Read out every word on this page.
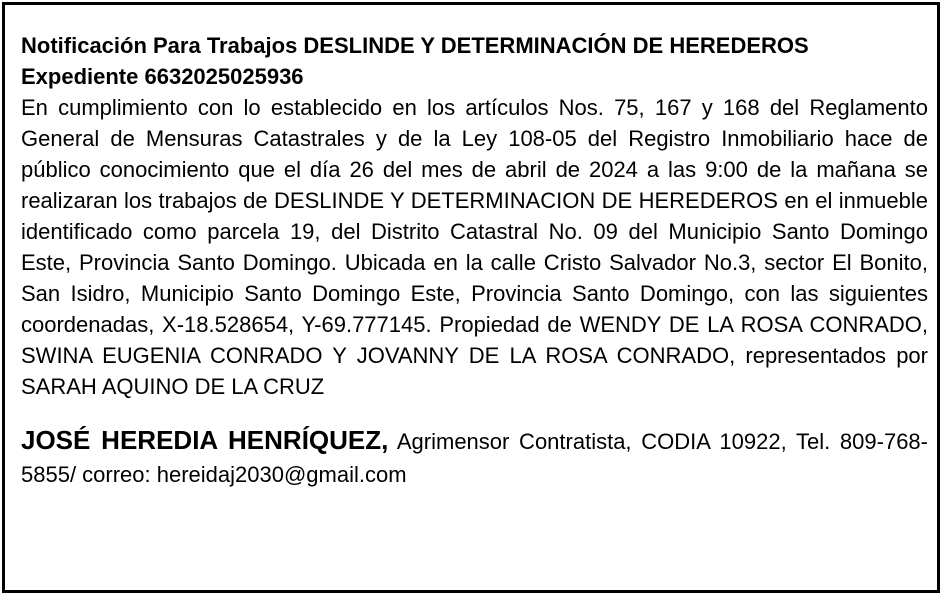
Notificación Para Trabajos DESLINDE Y DETERMINACIÓN DE HEREDEROS
Expediente 6632025025936
En cumplimiento con lo establecido en los artículos Nos. 75, 167 y 168 del Reglamento General de Mensuras Catastrales y de la Ley 108-05 del Registro Inmobiliario hace de público conocimiento que el día 26 del mes de abril de 2024 a las 9:00 de la mañana se realizaran los trabajos de DESLINDE Y DETERMINACION DE HEREDEROS en el inmueble identificado como parcela 19, del Distrito Catastral No. 09 del Municipio Santo Domingo Este, Provincia Santo Domingo. Ubicada en la calle Cristo Salvador No.3, sector El Bonito, San Isidro, Municipio Santo Domingo Este, Provincia Santo Domingo, con las siguientes coordenadas, X-18.528654, Y-69.777145. Propiedad de WENDY DE LA ROSA CONRADO, SWINA EUGENIA CONRADO Y JOVANNY DE LA ROSA CONRADO, representados por SARAH AQUINO DE LA CRUZ
JOSÉ HEREDIA HENRÍQUEZ, Agrimensor Contratista, CODIA 10922, Tel. 809-768-5855/ correo: hereidaj2030@gmail.com
